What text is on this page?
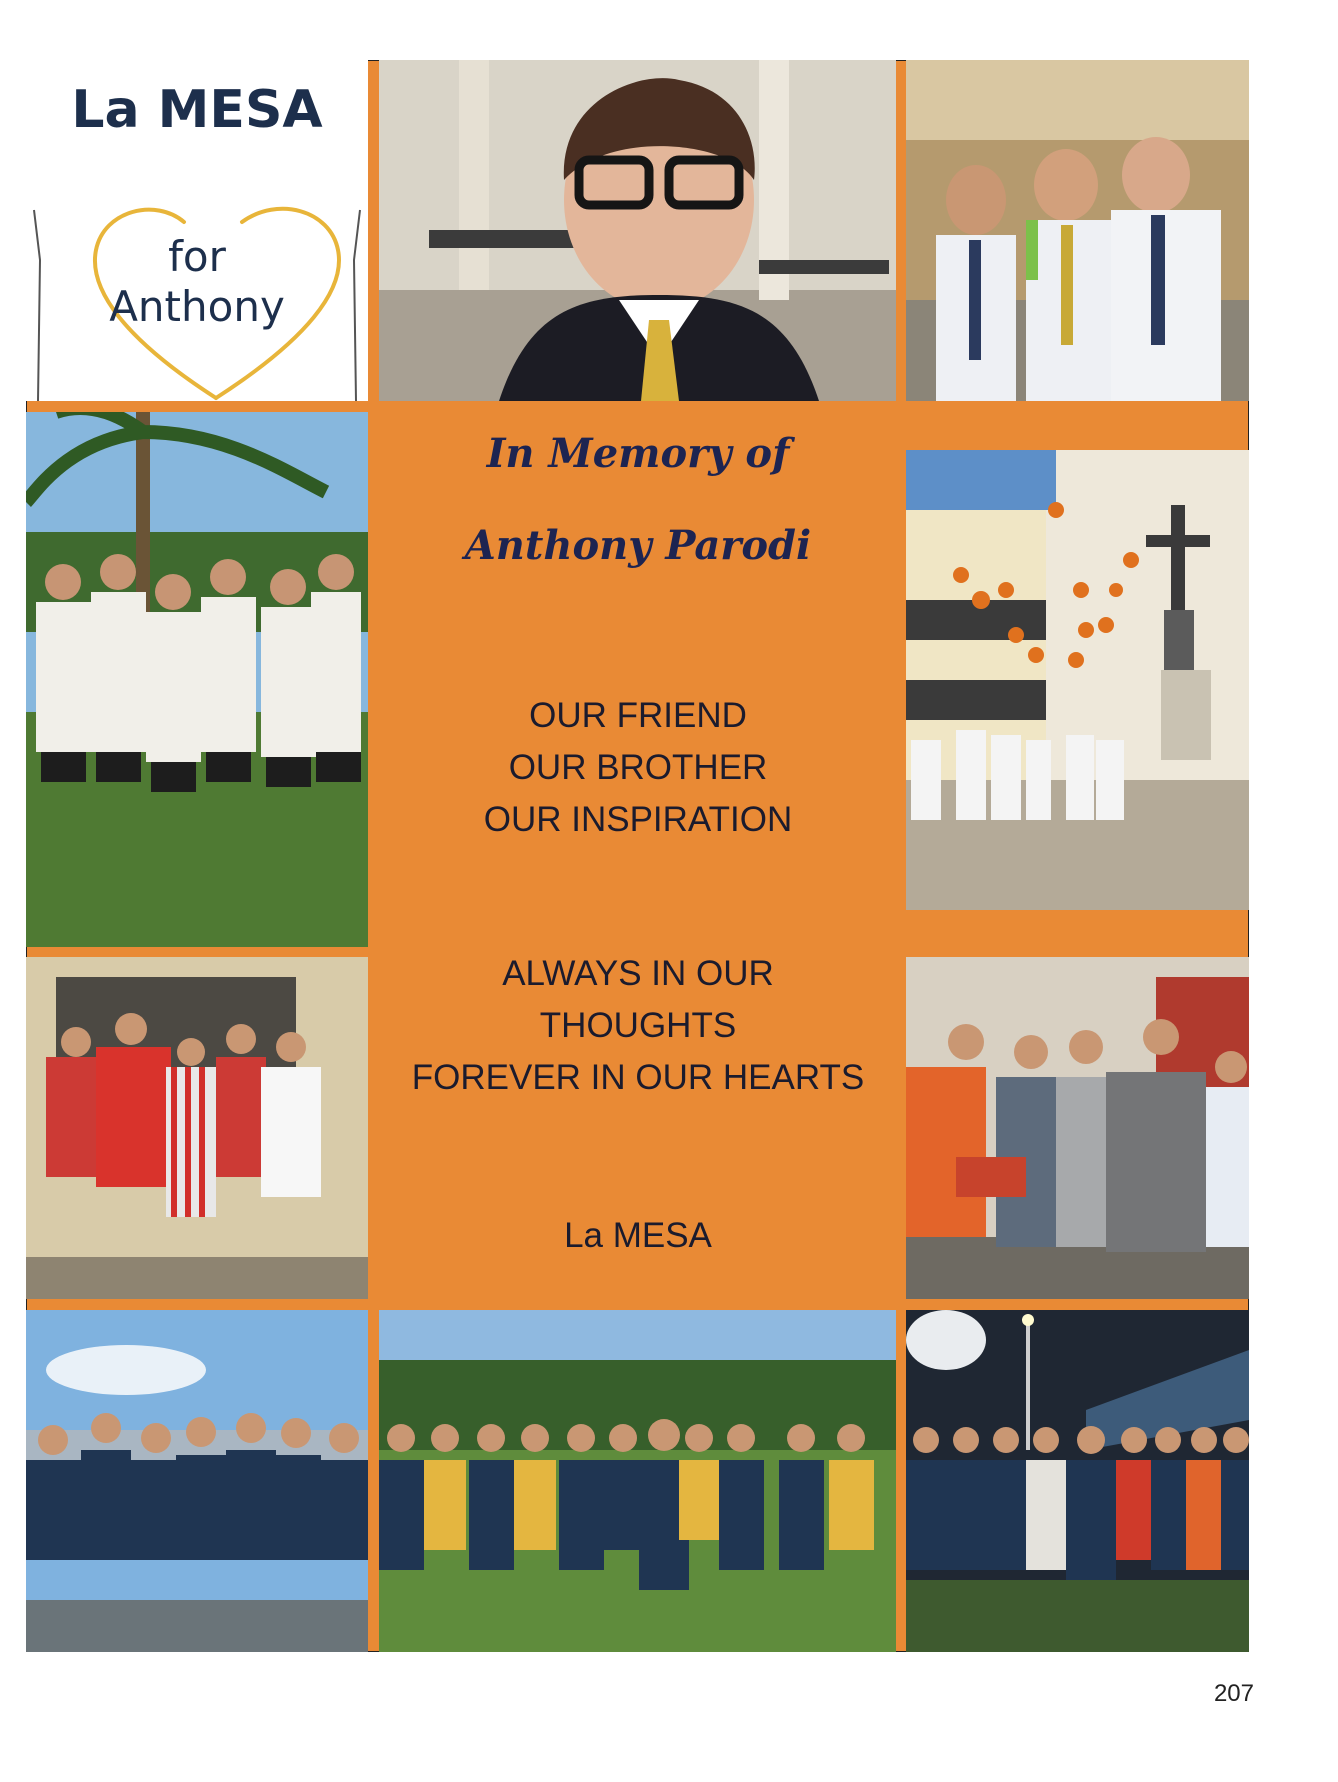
La MESA
for
Anthony
In Memory of
Anthony Parodi
OUR FRIEND
OUR BROTHER
OUR INSPIRATION
ALWAYS IN OUR
THOUGHTS
FOREVER IN OUR HEARTS
La MESA
207
